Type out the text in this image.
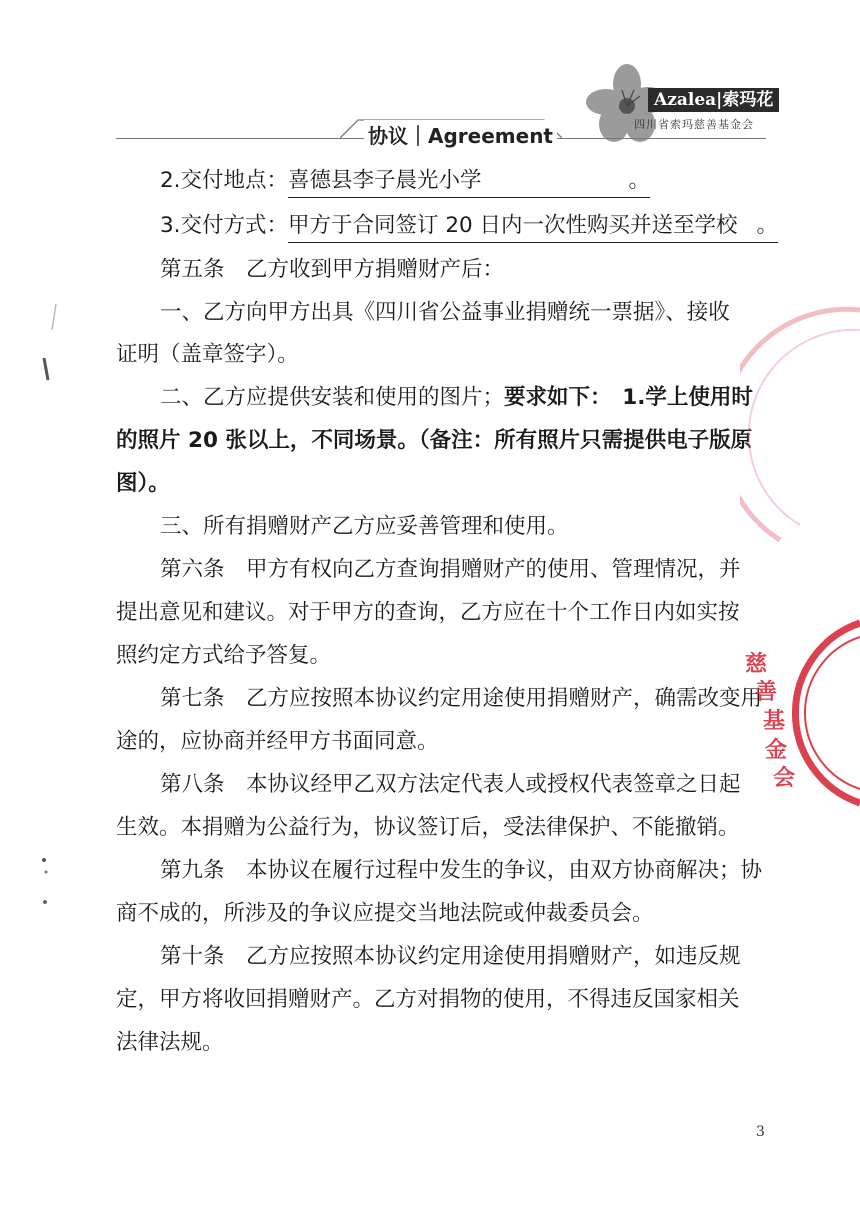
Azalea|索玛花
四川省索玛慈善基金会
协议｜Agreement
2.交付地点：喜德县李子晨光小学	。
3.交付方式：甲方于合同签订 20 日内一次性购买并送至学校 。
第五条　乙方收到甲方捐赠财产后：
一、乙方向甲方出具《四川省公益事业捐赠统一票据》、接收
证明（盖章签字）。
二、乙方应提供安装和使用的图片；要求如下：　1.学上使用时
的照片 20 张以上，不同场景。（备注：所有照片只需提供电子版原
图）。
三、所有捐赠财产乙方应妥善管理和使用。
第六条　甲方有权向乙方查询捐赠财产的使用、管理情况，并
提出意见和建议。对于甲方的查询，乙方应在十个工作日内如实按
照约定方式给予答复。
第七条　乙方应按照本协议约定用途使用捐赠财产，确需改变用
途的，应协商并经甲方书面同意。
第八条　本协议经甲乙双方法定代表人或授权代表签章之日起
生效。本捐赠为公益行为，协议签订后，受法律保护、不能撤销。
第九条　本协议在履行过程中发生的争议，由双方协商解决；协
商不成的，所涉及的争议应提交当地法院或仲裁委员会。
第十条　乙方应按照本协议约定用途使用捐赠财产，如违反规
定，甲方将收回捐赠财产。乙方对捐物的使用，不得违反国家相关
法律法规。
慈
善
基
金
会
3
